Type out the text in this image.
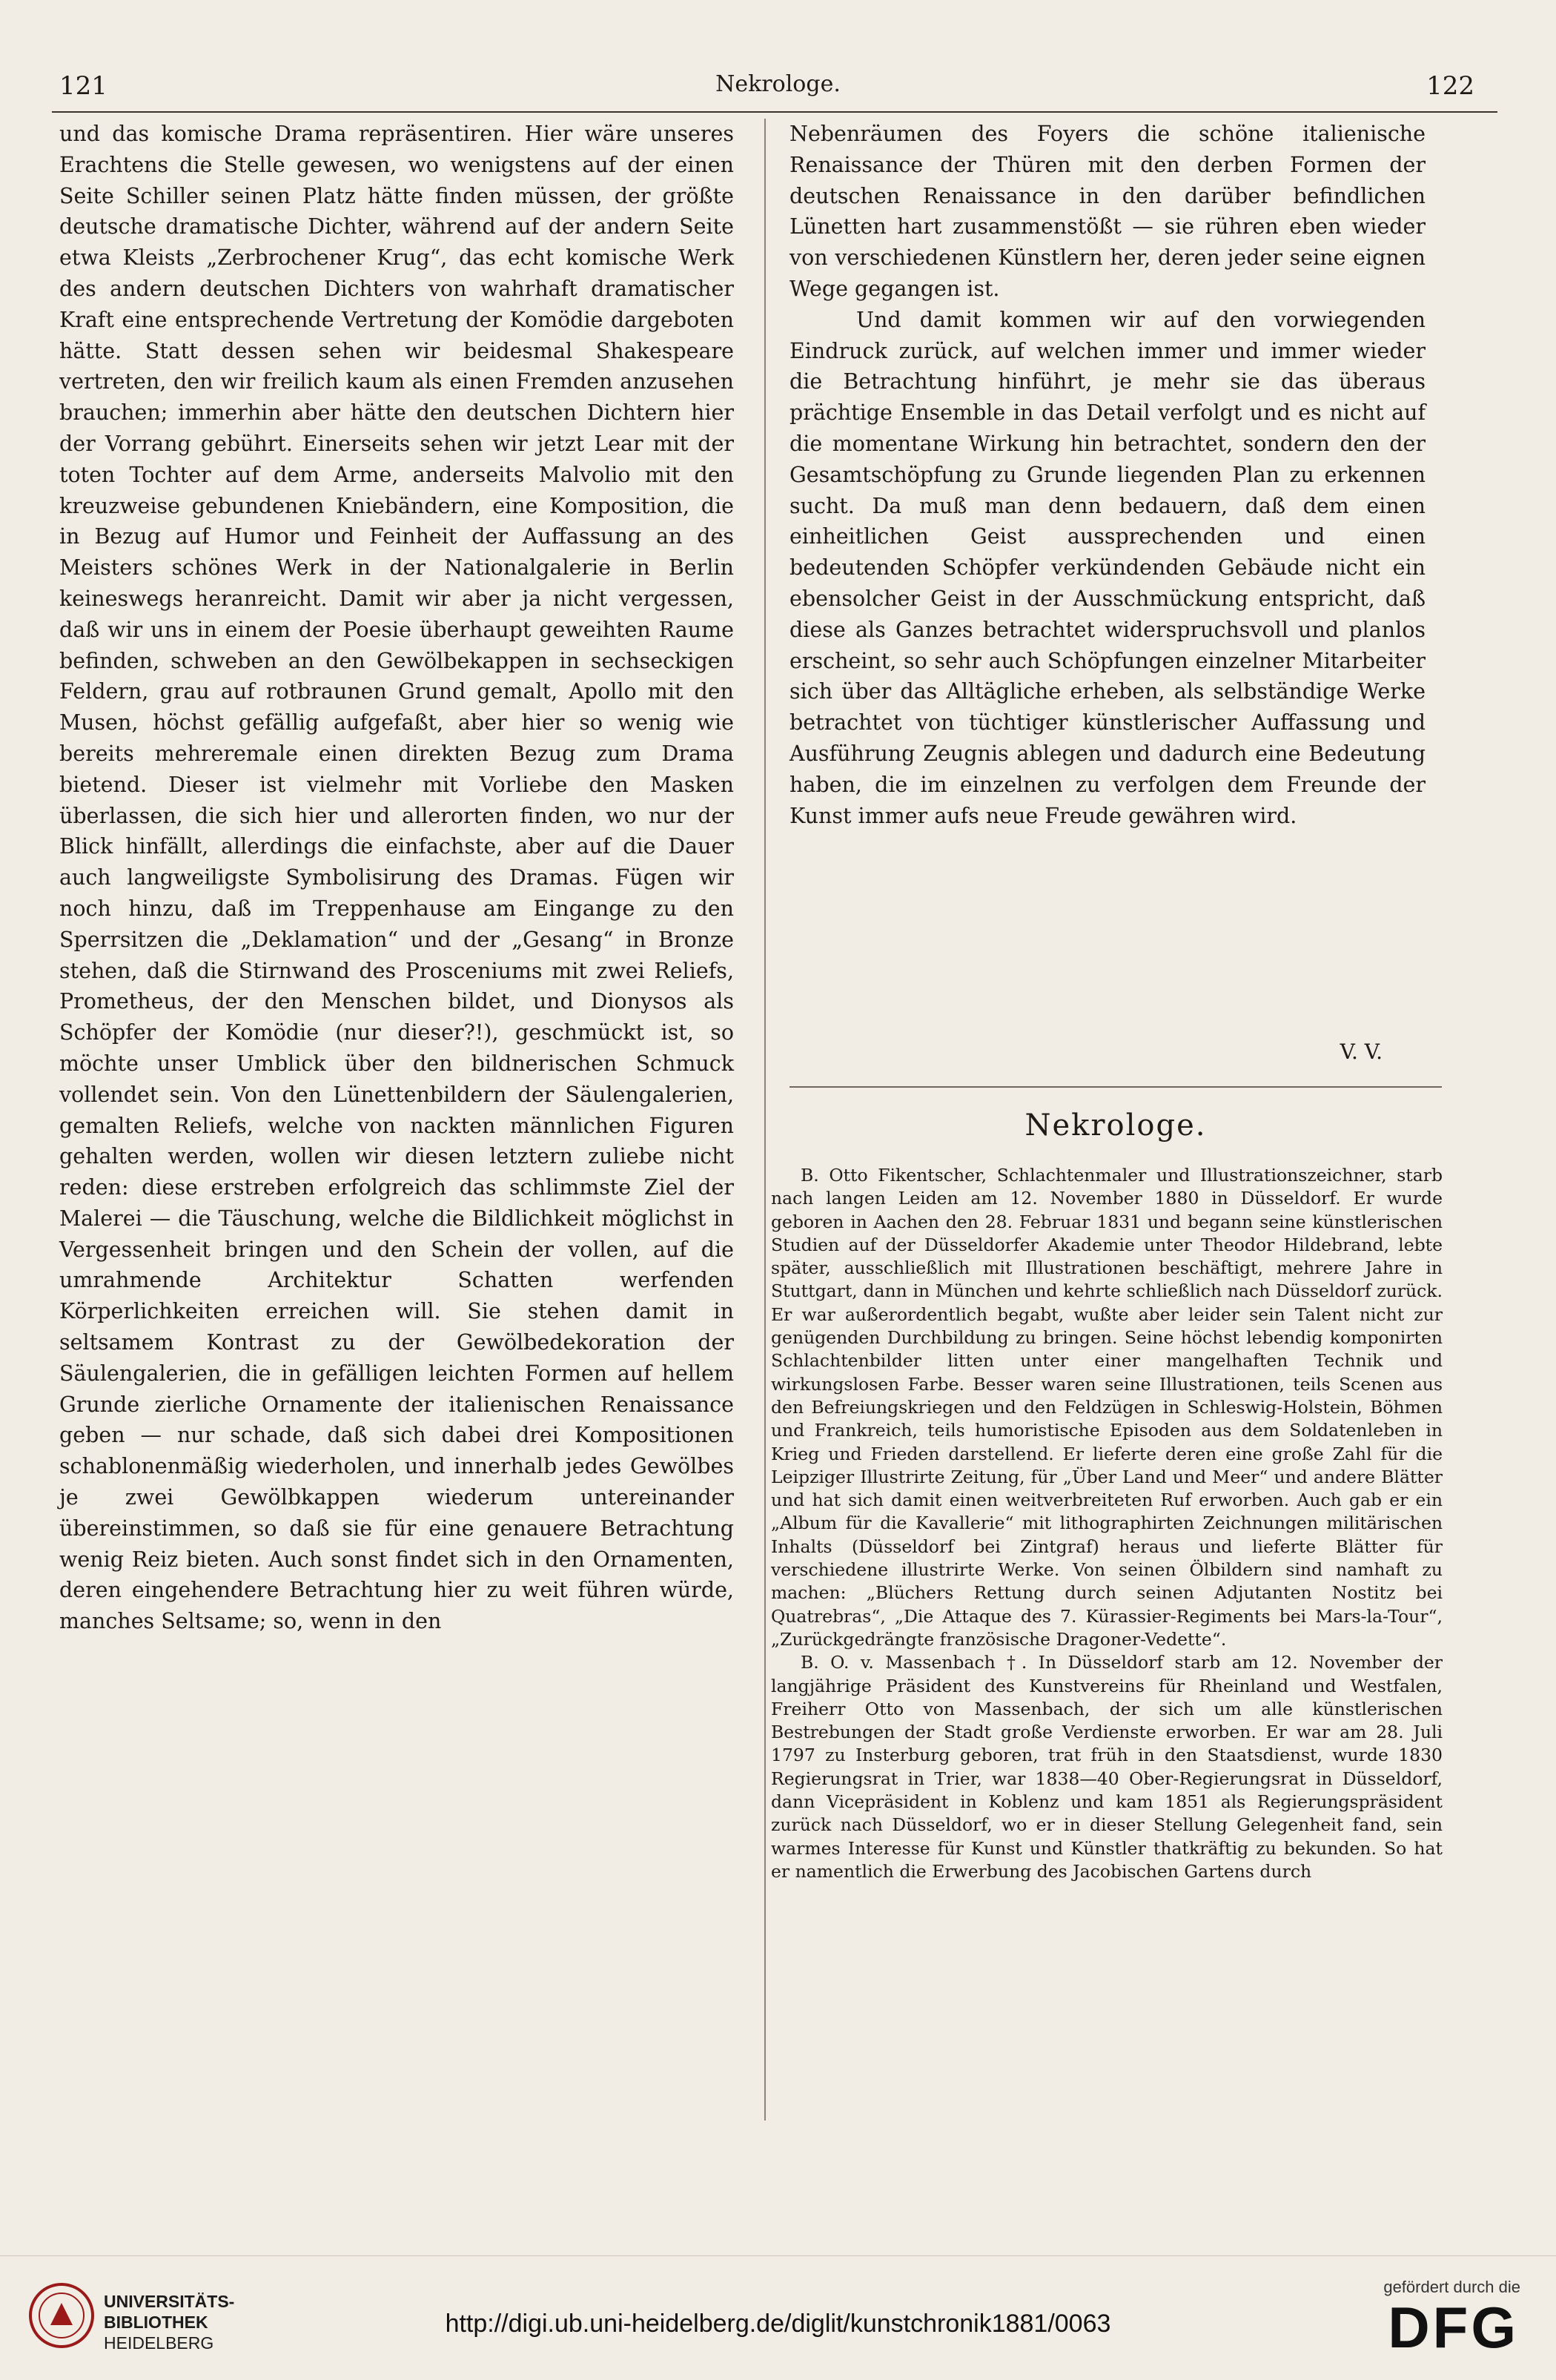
121	Nekrologe.	122

und das komische Drama repräsentiren. Hier wäre unseres Erachtens die Stelle gewesen, wo wenigstens auf der einen Seite Schiller seinen Platz hätte finden müssen, der größte deutsche dramatische Dichter, während auf der andern Seite etwa Kleists „Zerbrochener Krug“, das echt komische Werk des andern deutschen Dichters von wahrhaft dramatischer Kraft eine entsprechende Vertretung der Komödie dargeboten hätte. Statt dessen sehen wir beidesmal Shakespeare vertreten, den wir freilich kaum als einen Fremden anzusehen brauchen; immerhin aber hätte den deutschen Dichtern hier der Vorrang gebührt. Einerseits sehen wir jetzt Lear mit der toten Tochter auf dem Arme, anderseits Malvolio mit den kreuzweise gebundenen Kniebändern, eine Komposition, die in Bezug auf Humor und Feinheit der Auffassung an des Meisters schönes Werk in der Nationalgalerie in Berlin keineswegs heranreicht. Damit wir aber ja nicht vergessen, daß wir uns in einem der Poesie überhaupt geweihten Raume befinden, schweben an den Gewölbekappen in sechseckigen Feldern, grau auf rotbraunen Grund gemalt, Apollo mit den Musen, höchst gefällig aufgefaßt, aber hier so wenig wie bereits mehreremale einen direkten Bezug zum Drama bietend. Dieser ist vielmehr mit Vorliebe den Masken überlassen, die sich hier und allerorten finden, wo nur der Blick hinfällt, allerdings die einfachste, aber auf die Dauer auch langweiligste Symbolisirung des Dramas. Fügen wir noch hinzu, daß im Treppenhause am Eingange zu den Sperrsitzen die „Deklamation“ und der „Gesang“ in Bronze stehen, daß die Stirnwand des Prosceniums mit zwei Reliefs, Prometheus, der den Menschen bildet, und Dionysos als Schöpfer der Komödie (nur dieser?!), geschmückt ist, so möchte unser Umblick über den bildnerischen Schmuck vollendet sein. Von den Lünettenbildern der Säulengalerien, gemalten Reliefs, welche von nackten männlichen Figuren gehalten werden, wollen wir diesen letztern zuliebe nicht reden: diese erstreben erfolgreich das schlimmste Ziel der Malerei — die Täuschung, welche die Bildlichkeit möglichst in Vergessenheit bringen und den Schein der vollen, auf die umrahmende Architektur Schatten werfenden Körperlichkeiten erreichen will. Sie stehen damit in seltsamem Kontrast zu der Gewölbedekoration der Säulengalerien, die in gefälligen leichten Formen auf hellem Grunde zierliche Ornamente der italienischen Renaissance geben — nur schade, daß sich dabei drei Kompositionen schablonenmäßig wiederholen, und innerhalb jedes Gewölbes je zwei Gewölbkappen wiederum untereinander übereinstimmen, so daß sie für eine genauere Betrachtung wenig Reiz bieten. Auch sonst findet sich in den Ornamenten, deren eingehendere Betrachtung hier zu weit führen würde, manches Seltsame; so, wenn in den

Nebenräumen des Foyers die schöne italienische Renaissance der Thüren mit den derben Formen der deutschen Renaissance in den darüber befindlichen Lünetten hart zusammenstößt — sie rühren eben wieder von verschiedenen Künstlern her, deren jeder seine eignen Wege gegangen ist.

Und damit kommen wir auf den vorwiegenden Eindruck zurück, auf welchen immer und immer wieder die Betrachtung hinführt, je mehr sie das überaus prächtige Ensemble in das Detail verfolgt und es nicht auf die momentane Wirkung hin betrachtet, sondern den der Gesamtschöpfung zu Grunde liegenden Plan zu erkennen sucht. Da muß man denn bedauern, daß dem einen einheitlichen Geist aussprechenden und einen bedeutenden Schöpfer verkündenden Gebäude nicht ein ebensolcher Geist in der Ausschmückung entspricht, daß diese als Ganzes betrachtet widerspruchsvoll und planlos erscheint, so sehr auch Schöpfungen einzelner Mitarbeiter sich über das Alltägliche erheben, als selbständige Werke betrachtet von tüchtiger künstlerischer Auffassung und Ausführung Zeugnis ablegen und dadurch eine Bedeutung haben, die im einzelnen zu verfolgen dem Freunde der Kunst immer aufs neue Freude gewähren wird.

V. V.
Nekrologe.

B. Otto Fikentscher, Schlachtenmaler und Illustrationszeichner, starb nach langen Leiden am 12. November 1880 in Düsseldorf. Er wurde geboren in Aachen den 28. Februar 1831 und begann seine künstlerischen Studien auf der Düsseldorfer Akademie unter Theodor Hildebrand, lebte später, ausschließlich mit Illustrationen beschäftigt, mehrere Jahre in Stuttgart, dann in München und kehrte schließlich nach Düsseldorf zurück. Er war außerordentlich begabt, wußte aber leider sein Talent nicht zur genügenden Durchbildung zu bringen. Seine höchst lebendig komponirten Schlachtenbilder litten unter einer mangelhaften Technik und wirkungslosen Farbe. Besser waren seine Illustrationen, teils Scenen aus den Befreiungskriegen und den Feldzügen in Schleswig-Holstein, Böhmen und Frankreich, teils humoristische Episoden aus dem Soldatenleben in Krieg und Frieden darstellend. Er lieferte deren eine große Zahl für die Leipziger Illustrirte Zeitung, für „Über Land und Meer“ und andere Blätter und hat sich damit einen weitverbreiteten Ruf erworben. Auch gab er ein „Album für die Kavallerie“ mit lithographirten Zeichnungen militärischen Inhalts (Düsseldorf bei Zintgraf) heraus und lieferte Blätter für verschiedene illustrirte Werke. Von seinen Ölbildern sind namhaft zu machen: „Blüchers Rettung durch seinen Adjutanten Nostitz bei Quatrebras“, „Die Attaque des 7. Kürassier-Regiments bei Mars-la-Tour“, „Zurückgedrängte französische Dragoner-Vedette“.

B. O. v. Massenbach †. In Düsseldorf starb am 12. November der langjährige Präsident des Kunstvereins für Rheinland und Westfalen, Freiherr Otto von Massenbach, der sich um alle künstlerischen Bestrebungen der Stadt große Verdienste erworben. Er war am 28. Juli 1797 zu Insterburg geboren, trat früh in den Staatsdienst, wurde 1830 Regierungsrat in Trier, war 1838—40 Ober-Regierungsrat in Düsseldorf, dann Vicepräsident in Koblenz und kam 1851 als Regierungspräsident zurück nach Düsseldorf, wo er in dieser Stellung Gelegenheit fand, sein warmes Interesse für Kunst und Künstler thatkräftig zu bekunden. So hat er namentlich die Erwerbung des Jacobischen Gartens durch

UNIVERSITÄTS-
BIBLIOTHEK
HEIDELBERG
http://digi.ub.uni-heidelberg.de/diglit/kunstchronik1881/0063
gefördert durch die
DFG
